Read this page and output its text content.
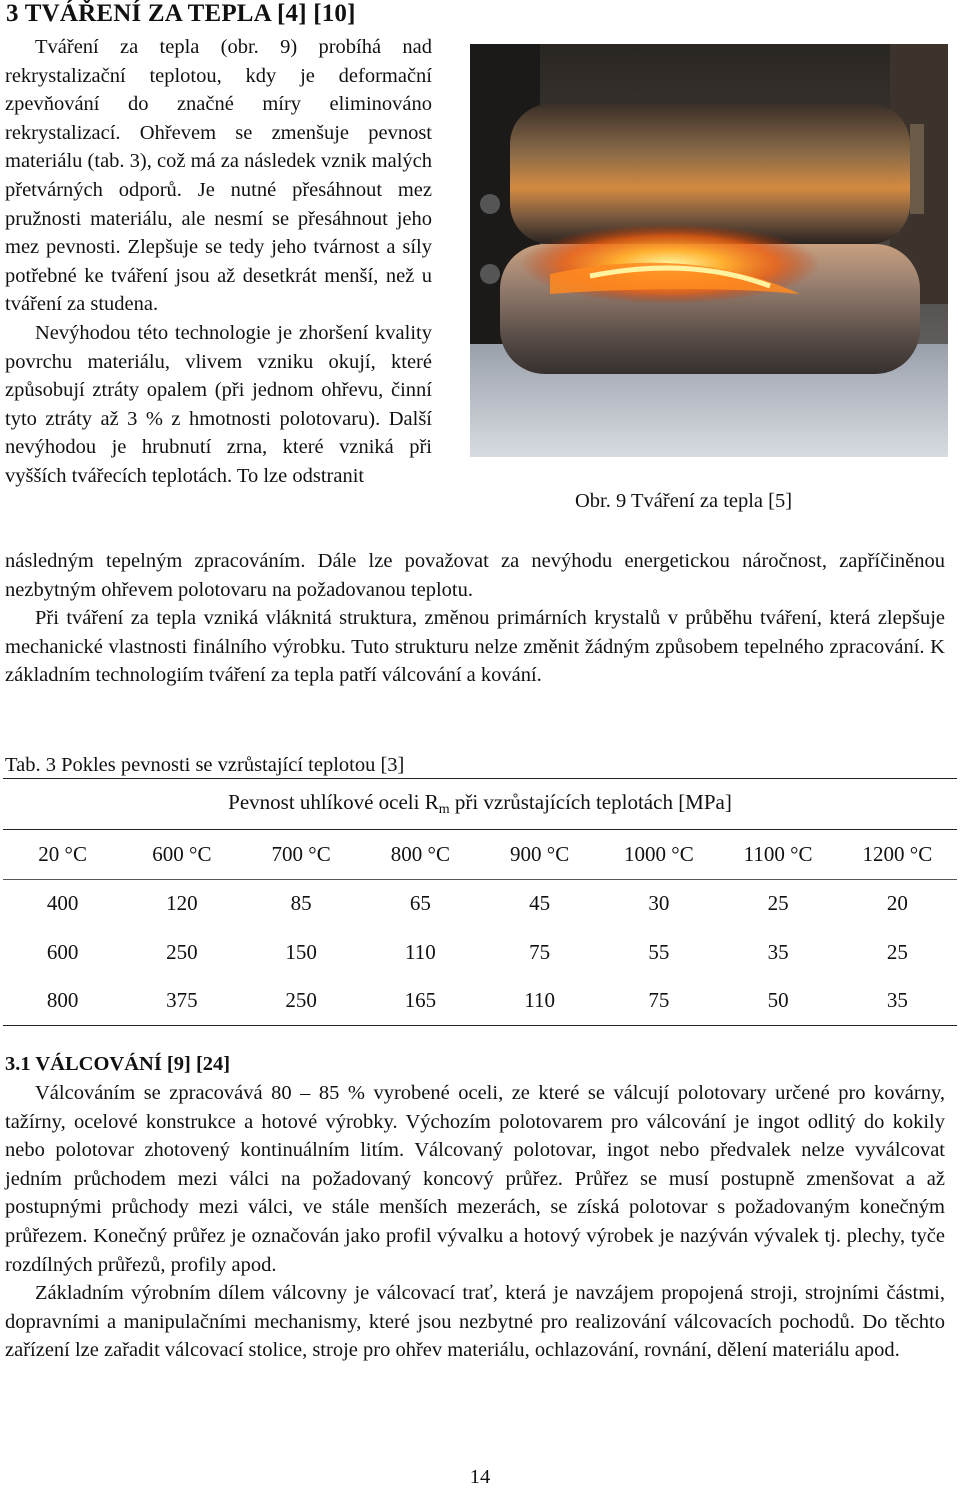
3 TVÁŘENÍ ZA TEPLA [4] [10]

Tváření za tepla (obr. 9) probíhá nad rekrystalizační teplotou, kdy je deformační zpevňování do značné míry eliminováno rekrystalizací. Ohřevem se zmenšuje pevnost materiálu (tab. 3), což má za následek vznik malých přetvárných odporů. Je nutné přesáhnout mez pružnosti materiálu, ale nesmí se přesáhnout jeho mez pevnosti. Zlepšuje se tedy jeho tvárnost a síly potřebné ke tváření jsou až desetkrát menší, než u tváření za studena.

Nevýhodou této technologie je zhoršení kvality povrchu materiálu, vlivem vzniku okují, které způsobují ztráty opalem (při jednom ohřevu, činní tyto ztráty až 3 % z hmotnosti polotovaru). Další nevýhodou je hrubnutí zrna, které vzniká při vyšších tvářecích teplotách. To lze odstranit

Obr. 9 Tváření za tepla [5]

následným tepelným zpracováním. Dále lze považovat za nevýhodu energetickou náročnost, zapříčiněnou nezbytným ohřevem polotovaru na požadovanou teplotu.

Při tváření za tepla vzniká vláknitá struktura, změnou primárních krystalů v průběhu tváření, která zlepšuje mechanické vlastnosti finálního výrobku. Tuto strukturu nelze změnit žádným způsobem tepelného zpracování. K základním technologiím tváření za tepla patří válcování a kování.

Tab. 3 Pokles pevnosti se vzrůstající teplotou [3]
Pevnost uhlíkové oceli $R_m$ při vzrůstajících teplotách [MPa]							
20 °C	600 °C	700 °C	800 °C	900 °C	1000 °C	1100 °C	1200 °C
400	120	85	65	45	30	25	20
600	250	150	110	75	55	35	25
800	375	250	165	110	75	50	35
3.1 VÁLCOVÁNÍ [9] [24]

Válcováním se zpracovává 80 – 85 % vyrobené oceli, ze které se válcují polotovary určené pro kovárny, tažírny, ocelové konstrukce a hotové výrobky. Výchozím polotovarem pro válcování je ingot odlitý do kokily nebo polotovar zhotovený kontinuálním litím. Válcovaný polotovar, ingot nebo předvalek nelze vyválcovat jedním průchodem mezi válci na požadovaný koncový průřez. Průřez se musí postupně zmenšovat a až postupnými průchody mezi válci, ve stále menších mezerách, se získá polotovar s požadovaným konečným průřezem. Konečný průřez je označován jako profil vývalku a hotový výrobek je nazýván vývalek tj. plechy, tyče rozdílných průřezů, profily apod.

Základním výrobním dílem válcovny je válcovací trať, která je navzájem propojená stroji, strojními částmi, dopravními a manipulačními mechanismy, které jsou nezbytné pro realizování válcovacích pochodů. Do těchto zařízení lze zařadit válcovací stolice, stroje pro ohřev materiálu, ochlazování, rovnání, dělení materiálu apod.

14
